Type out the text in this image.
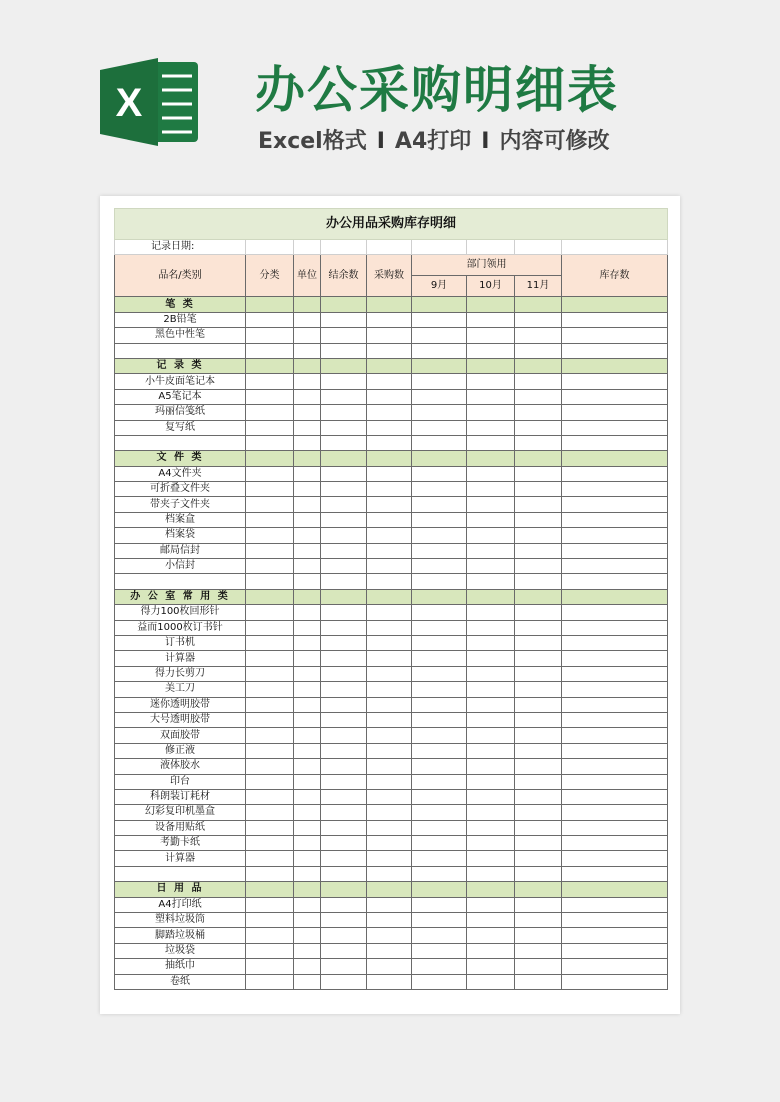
X 办公采购明细表
Excel格式 I A4打印 I 内容可修改
办公用品采购库存明细								
记录日期:								
品名/类别	分类	单位	结余数	采购数	部门领用			库存数
					9月	10月	11月	
笔 类								
2B铅笔								
黑色中性笔								

记 录 类								
小牛皮面笔记本								
A5笔记本								
玛丽信笺纸								
复写纸								

文 件 类								
A4文件夹								
可折叠文件夹								
带夹子文件夹								
档案盒								
档案袋								
邮局信封								
小信封								

办 公 室 常 用 类								
得力100枚回形针								
益而1000枚订书针								
订书机								
计算器								
得力长剪刀								
美工刀								
迷你透明胶带								
大号透明胶带								
双面胶带								
修正液								
液体胶水								
印台								
科朗装订耗材								
幻彩复印机墨盒								
设备用贴纸								
考勤卡纸								
计算器								

日 用 品								
A4打印纸								
塑料垃圾筒								
脚踏垃圾桶								
垃圾袋								
抽纸巾								
卷纸								
